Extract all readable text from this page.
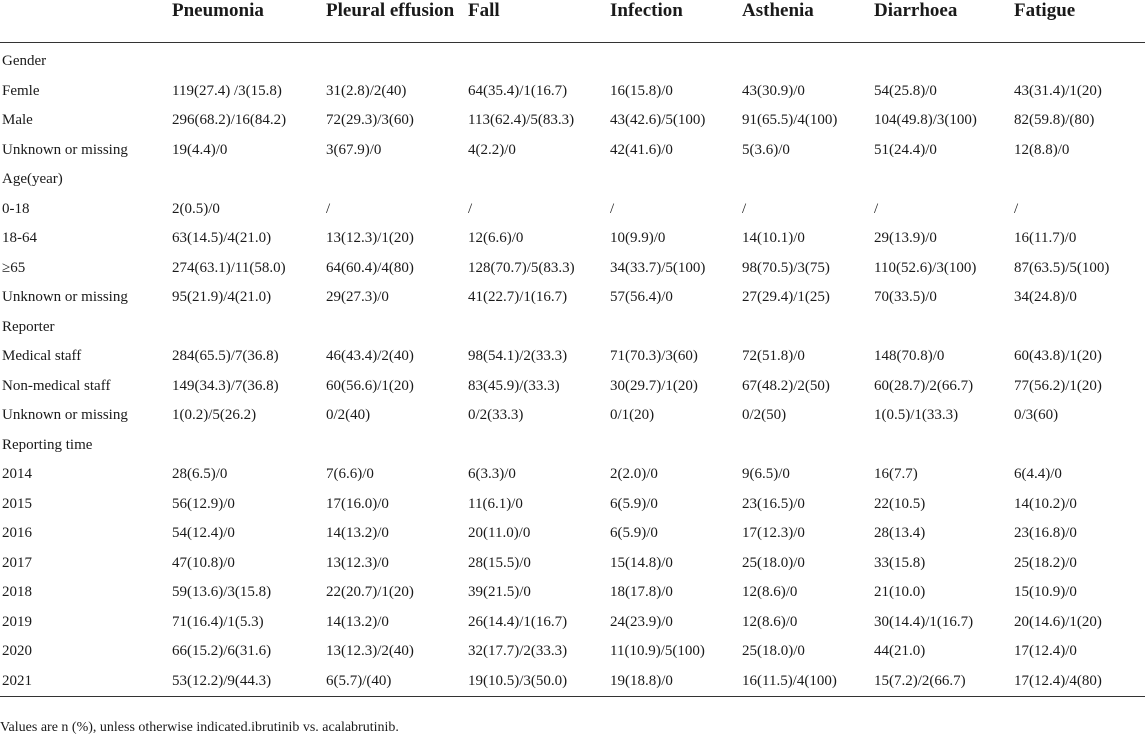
	Pneumonia	Pleural effusion	Fall	Infection	Asthenia	Diarrhoea	Fatigue
Gender							
Femle	119(27.4) /3(15.8)	31(2.8)/2(40)	64(35.4)/1(16.7)	16(15.8)/0	43(30.9)/0	54(25.8)/0	43(31.4)/1(20)
Male	296(68.2)/16(84.2)	72(29.3)/3(60)	113(62.4)/5(83.3)	43(42.6)/5(100)	91(65.5)/4(100)	104(49.8)/3(100)	82(59.8)/(80)
Unknown or missing	19(4.4)/0	3(67.9)/0	4(2.2)/0	42(41.6)/0	5(3.6)/0	51(24.4)/0	12(8.8)/0
Age(year)							
0-18	2(0.5)/0	/	/	/	/	/	/
18-64	63(14.5)/4(21.0)	13(12.3)/1(20)	12(6.6)/0	10(9.9)/0	14(10.1)/0	29(13.9)/0	16(11.7)/0
≥65	274(63.1)/11(58.0)	64(60.4)/4(80)	128(70.7)/5(83.3)	34(33.7)/5(100)	98(70.5)/3(75)	110(52.6)/3(100)	87(63.5)/5(100)
Unknown or missing	95(21.9)/4(21.0)	29(27.3)/0	41(22.7)/1(16.7)	57(56.4)/0	27(29.4)/1(25)	70(33.5)/0	34(24.8)/0
Reporter							
Medical staff	284(65.5)/7(36.8)	46(43.4)/2(40)	98(54.1)/2(33.3)	71(70.3)/3(60)	72(51.8)/0	148(70.8)/0	60(43.8)/1(20)
Non-medical staff	149(34.3)/7(36.8)	60(56.6)/1(20)	83(45.9)/(33.3)	30(29.7)/1(20)	67(48.2)/2(50)	60(28.7)/2(66.7)	77(56.2)/1(20)
Unknown or missing	1(0.2)/5(26.2)	0/2(40)	0/2(33.3)	0/1(20)	0/2(50)	1(0.5)/1(33.3)	0/3(60)
Reporting time							
2014	28(6.5)/0	7(6.6)/0	6(3.3)/0	2(2.0)/0	9(6.5)/0	16(7.7)	6(4.4)/0
2015	56(12.9)/0	17(16.0)/0	11(6.1)/0	6(5.9)/0	23(16.5)/0	22(10.5)	14(10.2)/0
2016	54(12.4)/0	14(13.2)/0	20(11.0)/0	6(5.9)/0	17(12.3)/0	28(13.4)	23(16.8)/0
2017	47(10.8)/0	13(12.3)/0	28(15.5)/0	15(14.8)/0	25(18.0)/0	33(15.8)	25(18.2)/0
2018	59(13.6)/3(15.8)	22(20.7)/1(20)	39(21.5)/0	18(17.8)/0	12(8.6)/0	21(10.0)	15(10.9)/0
2019	71(16.4)/1(5.3)	14(13.2)/0	26(14.4)/1(16.7)	24(23.9)/0	12(8.6)/0	30(14.4)/1(16.7)	20(14.6)/1(20)
2020	66(15.2)/6(31.6)	13(12.3)/2(40)	32(17.7)/2(33.3)	11(10.9)/5(100)	25(18.0)/0	44(21.0)	17(12.4)/0
2021	53(12.2)/9(44.3)	6(5.7)/(40)	19(10.5)/3(50.0)	19(18.8)/0	16(11.5)/4(100)	15(7.2)/2(66.7)	17(12.4)/4(80)
Values are n (%), unless otherwise indicated.ibrutinib vs. acalabrutinib.
